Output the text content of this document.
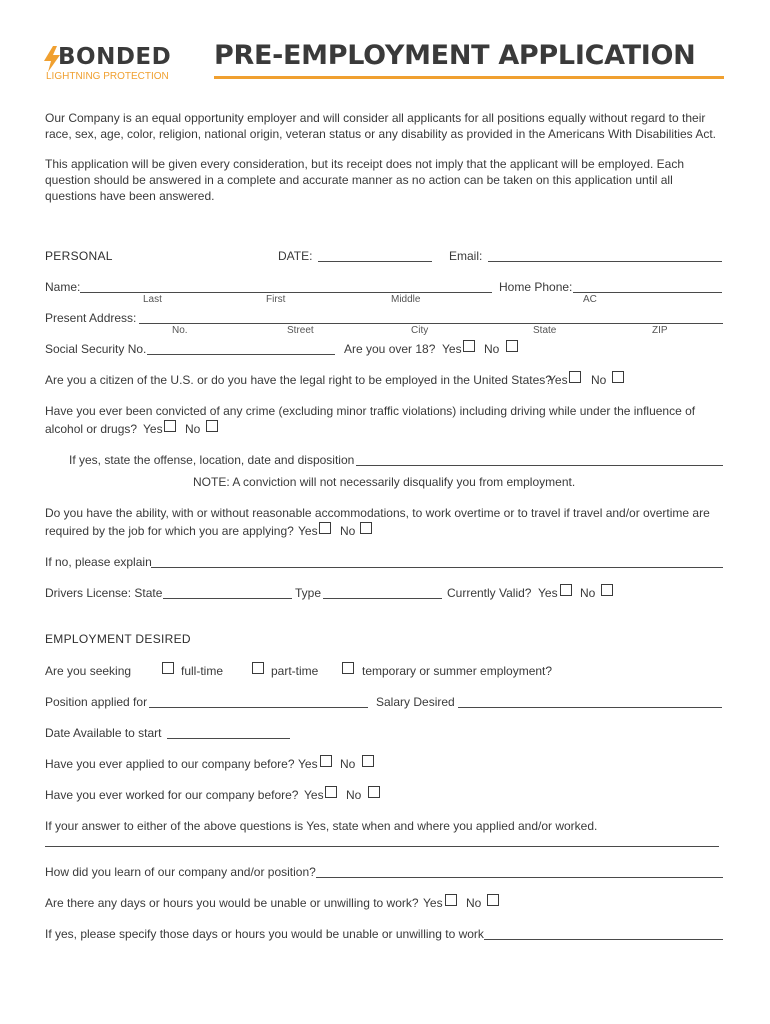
BONDED
LIGHTNING PROTECTION
PRE-EMPLOYMENT APPLICATION
Our Company is an equal opportunity employer and will consider all applicants for all positions equally without regard to their race, sex, age, color, religion, national origin, veteran status or any disability as provided in the Americans With Disabilities Act.
This application will be given every consideration, but its receipt does not imply that the applicant will be employed. Each question should be answered in a complete and accurate manner as no action can be taken on this application until all questions have been answered.
PERSONAL	DATE:	Email:
Name:	Home Phone:
Last	First	Middle	AC
Present Address:
No.	Street	City	State	ZIP
Social Security No.	Are you over 18? Yes No
Are you a citizen of the U.S. or do you have the legal right to be employed in the United States?
Yes No
Have you ever been convicted of any crime (excluding minor traffic violations) including driving while under the influence of
alcohol or drugs? Yes No
If yes, state the offense, location, date and disposition
NOTE: A conviction will not necessarily disqualify you from employment.
Do you have the ability, with or without reasonable accommodations, to work overtime or to travel if travel and/or overtime are
required by the job for which you are applying? Yes No
If no, please explain
Drivers License: State	Type	Currently Valid? Yes No
EMPLOYMENT DESIRED
Are you seeking	full-time	part-time	temporary or summer employment?
Position applied for	Salary Desired
Date Available to start
Have you ever applied to our company before? Yes No
Have you ever worked for our company before? Yes No
If your answer to either of the above questions is Yes, state when and where you applied and/or worked.
How did you learn of our company and/or position?
Are there any days or hours you would be unable or unwilling to work? Yes No
If yes, please specify those days or hours you would be unable or unwilling to work
